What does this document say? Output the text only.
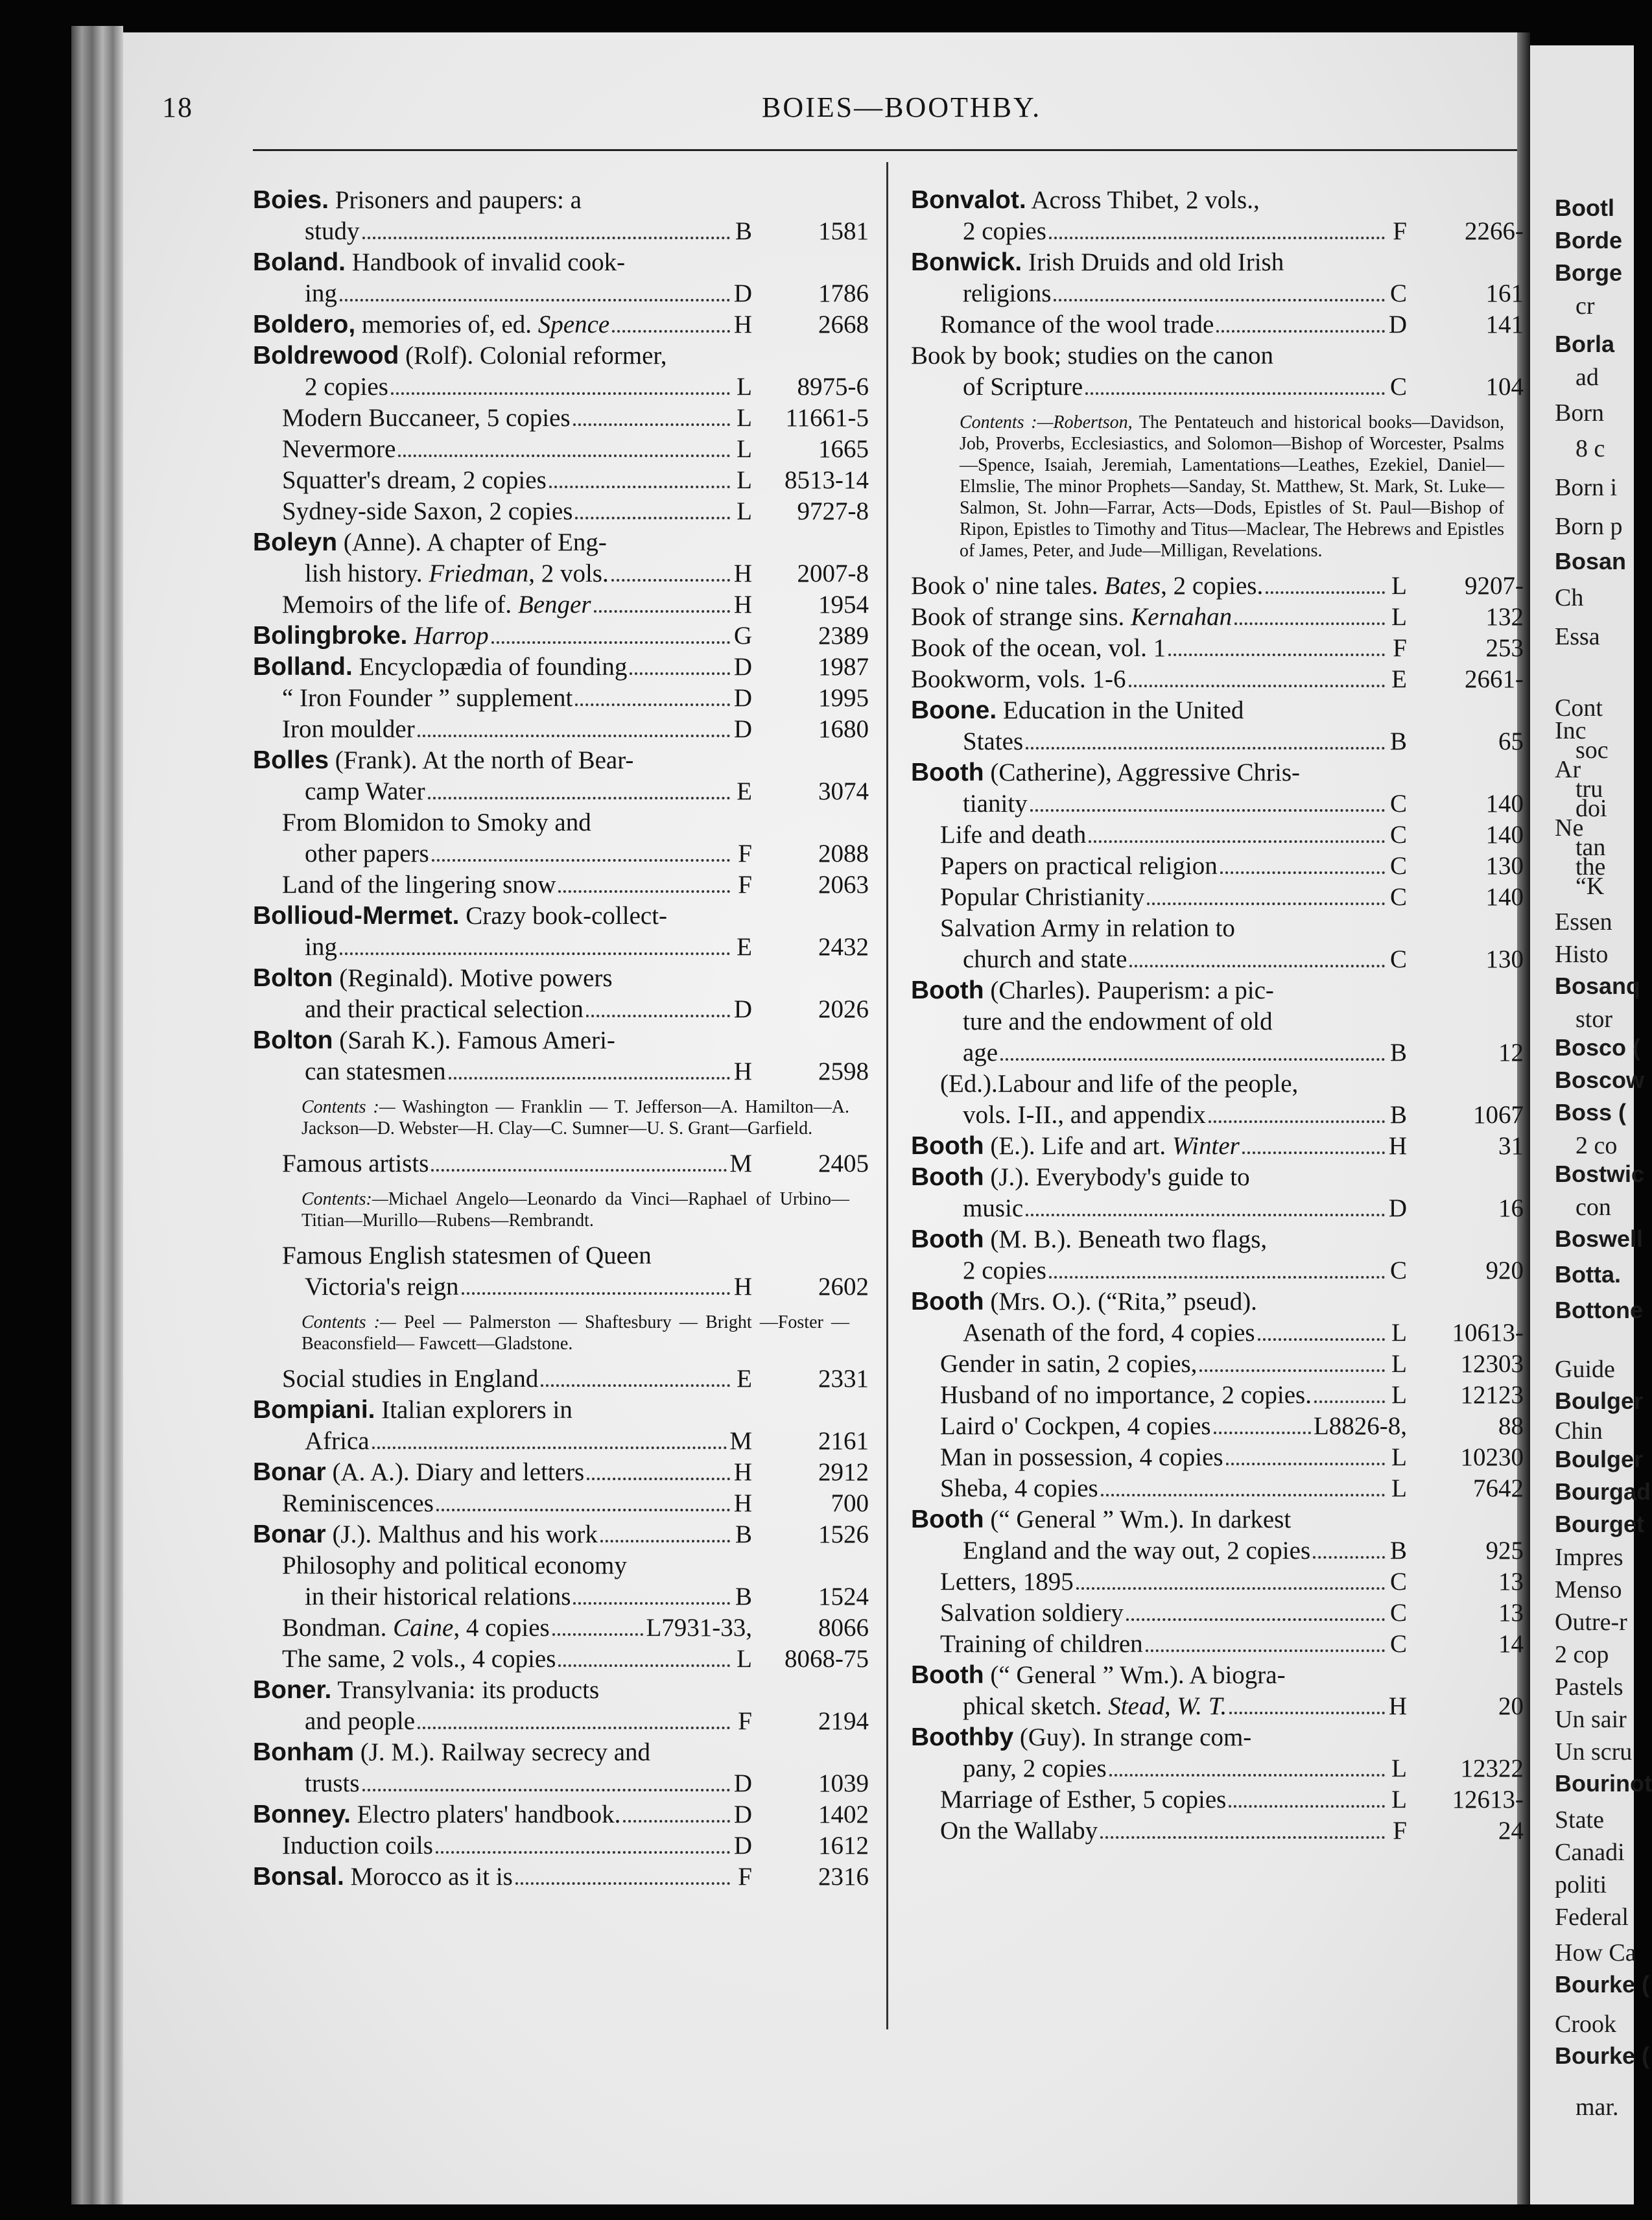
Bootl
Borde
Borge
cr
Borla
ad
Born
8 c
Born i
Born p
Bosan
Ch
Essa
Cont
Inc
soc
Ar
tru
doi
Ne
tan
the
“K
Essen
Histo
Bosanq
stor
Bosco (
Boscow
Boss (
2 co
Bostwic
con
Boswell
Botta.
Bottone
Guide
Boulger
Chin
Boulger
Bourgad
Bourget
Impres
Menso
Outre-r
2 cop
Pastels
Un sair
Un scru
Bourinot
State
Canadi
politi
Federal
How Ca
Bourke (
Crook
Bourke (
mar.
18	BOIES—BOOTHBY.
Boies. Prisoners and paupers: a
study	B	1581
Boland. Handbook of invalid cook-
ing	D	1786
Boldero, memories of, ed. Spence	H	2668
Boldrewood (Rolf). Colonial reformer,
2 copies	L	8975-6
Modern Buccaneer, 5 copies	L	11661-5
Nevermore	L	1665
Squatter's dream, 2 copies	L	8513-14
Sydney-side Saxon, 2 copies	L	9727-8
Boleyn (Anne). A chapter of Eng-
lish history. Friedman, 2 vols.	H	2007-8
Memoirs of the life of. Benger	H	1954
Bolingbroke. Harrop	G	2389
Bolland. Encyclopædia of founding	D	1987
“ Iron Founder ” supplement	D	1995
Iron moulder	D	1680
Bolles (Frank). At the north of Bear-
camp Water	E	3074
From Blomidon to Smoky and
other papers	F	2088
Land of the lingering snow	F	2063
Bollioud-Mermet. Crazy book-collect-
ing	E	2432
Bolton (Reginald). Motive powers
and their practical selection	D	2026
Bolton (Sarah K.). Famous Ameri-
can statesmen	H	2598
Contents :— Washington — Franklin — T. Jefferson—A. Hamilton—A. Jackson—D. Webster—H. Clay—C. Sumner—U. S. Grant—Garfield.
Famous artists	M	2405
Contents:—Michael Angelo—Leonardo da Vinci—Raphael of Urbino—Titian—Murillo—Rubens—Rembrandt.
Famous English statesmen of Queen
Victoria's reign	H	2602
Contents :— Peel — Palmerston — Shaftesbury — Bright —Foster — Beaconsfield— Fawcett—Gladstone.
Social studies in England	E	2331
Bompiani. Italian explorers in
Africa	M	2161
Bonar (A. A.). Diary and letters	H	2912
Reminiscences	H	700
Bonar (J.). Malthus and his work	B	1526
Philosophy and political economy
in their historical relations	B	1524
Bondman. Caine, 4 copies	L7931-33,	8066
The same, 2 vols., 4 copies	L	8068-75
Boner. Transylvania: its products
and people	F	2194
Bonham (J. M.). Railway secrecy and
trusts	D	1039
Bonney. Electro platers' handbook.	D	1402
Induction coils	D	1612
Bonsal. Morocco as it is	F	2316
Bonvalot. Across Thibet, 2 vols.,
2 copies	F	2266-
Bonwick. Irish Druids and old Irish
religions	C	161
Romance of the wool trade	D	141
Book by book; studies on the canon
of Scripture	C	104
Contents :—Robertson, The Pentateuch and historical books—Davidson, Job, Proverbs, Ecclesiastics, and Solomon—Bishop of Worcester, Psalms—Spence, Isaiah, Jeremiah, Lamentations—Leathes, Ezekiel, Daniel—Elmslie, The minor Prophets—Sanday, St. Matthew, St. Mark, St. Luke—Salmon, St. John—Farrar, Acts—Dods, Epistles of St. Paul—Bishop of Ripon, Epistles to Timothy and Titus—Maclear, The Hebrews and Epistles of James, Peter, and Jude—Milligan, Revelations.
Book o' nine tales. Bates, 2 copies.	L	9207-
Book of strange sins. Kernahan	L	132
Book of the ocean, vol. 1	F	253
Bookworm, vols. 1-6	E	2661-
Boone. Education in the United
States	B	65
Booth (Catherine), Aggressive Chris-
tianity	C	140
Life and death	C	140
Papers on practical religion	C	130
Popular Christianity	C	140
Salvation Army in relation to
church and state	C	130
Booth (Charles). Pauperism: a pic-
ture and the endowment of old
age	B	12
(Ed.).Labour and life of the people,
vols. I-II., and appendix	B	1067
Booth (E.). Life and art. Winter	H	31
Booth (J.). Everybody's guide to
music	D	16
Booth (M. B.). Beneath two flags,
2 copies	C	920
Booth (Mrs. O.). (“Rita,” pseud).
Asenath of the ford, 4 copies	L	10613-
Gender in satin, 2 copies,	L	12303
Husband of no importance, 2 copies.	L	12123
Laird o' Cockpen, 4 copies	L8826-8,	88
Man in possession, 4 copies	L	10230
Sheba, 4 copies	L	7642
Booth (“ General ” Wm.). In darkest
England and the way out, 2 copies	B	925
Letters, 1895	C	13
Salvation soldiery	C	13
Training of children	C	14
Booth (“ General ” Wm.). A biogra-
phical sketch. Stead, W. T.	H	20
Boothby (Guy). In strange com-
pany, 2 copies	L	12322
Marriage of Esther, 5 copies	L	12613-
On the Wallaby	F	24
